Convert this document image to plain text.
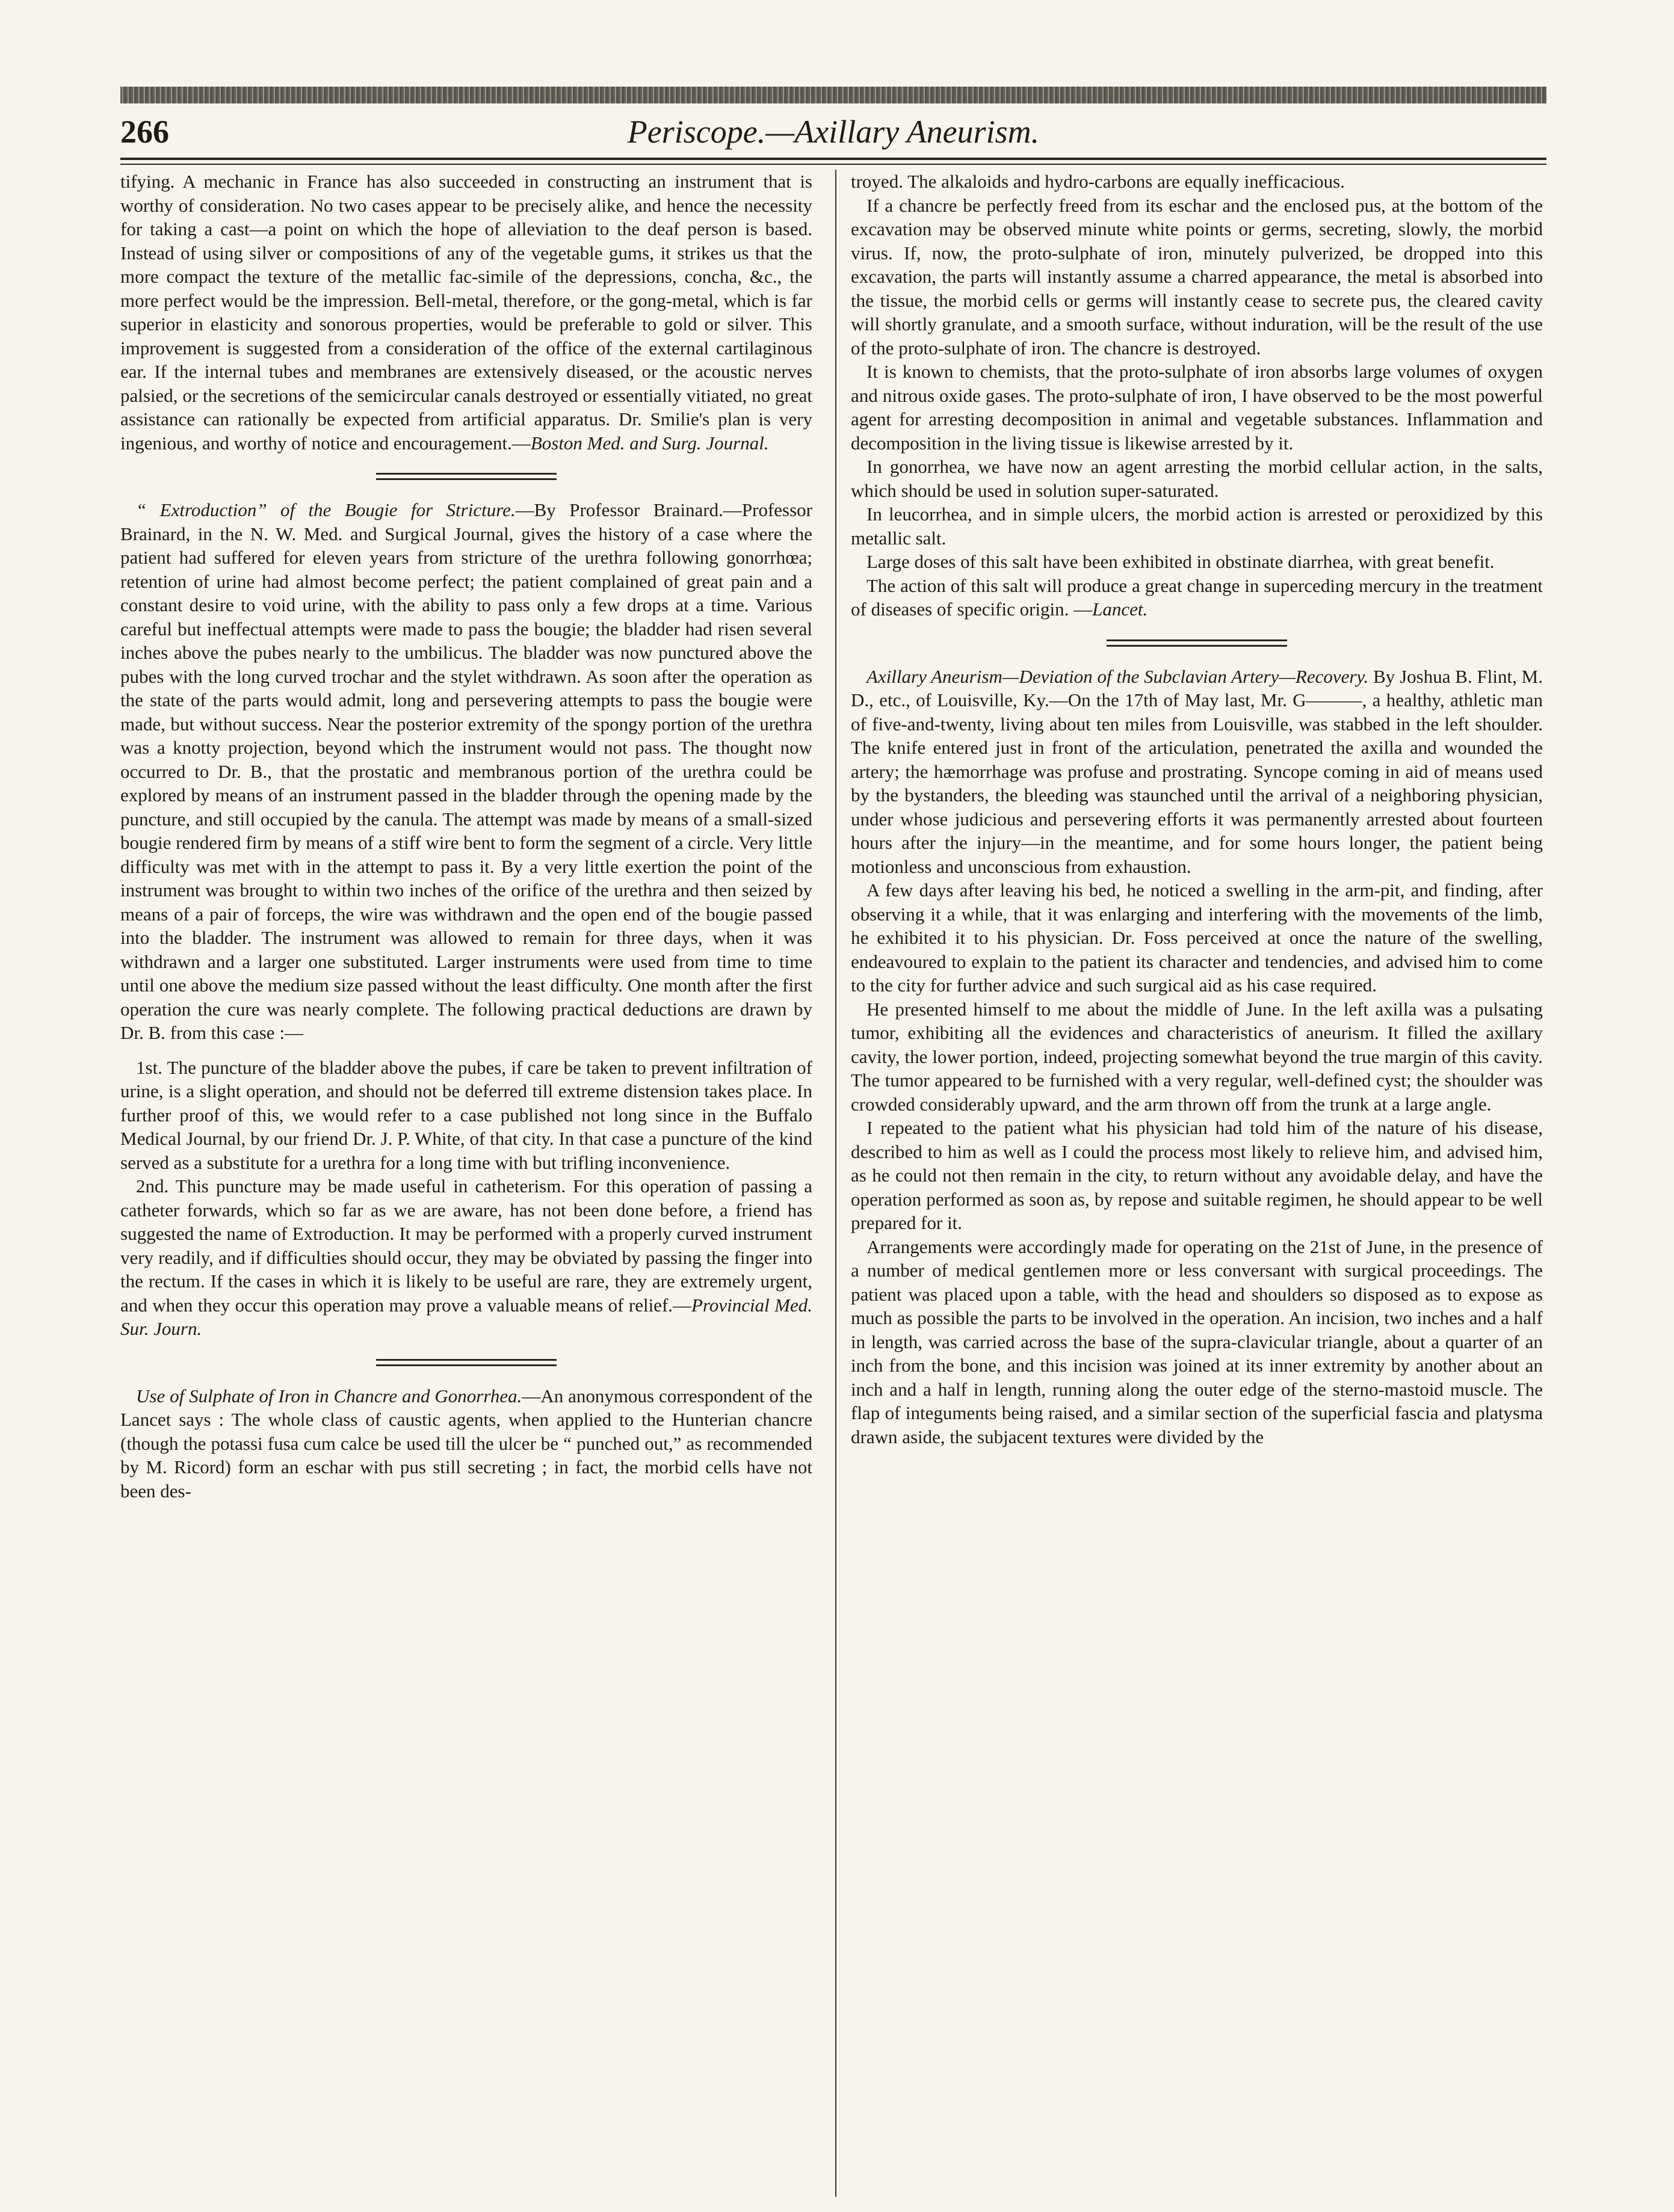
266	Periscope.—Axillary Aneurism.

tifying. A mechanic in France has also succeeded in constructing an instrument that is worthy of consideration. No two cases appear to be precisely alike, and hence the necessity for taking a cast—a point on which the hope of alleviation to the deaf person is based. Instead of using silver or compositions of any of the vegetable gums, it strikes us that the more compact the texture of the metallic fac-simile of the depressions, concha, &c., the more perfect would be the impression. Bell-metal, therefore, or the gong-metal, which is far superior in elasticity and sonorous properties, would be preferable to gold or silver. This improvement is suggested from a consideration of the office of the external cartilaginous ear. If the internal tubes and membranes are extensively diseased, or the acoustic nerves palsied, or the secretions of the semicircular canals destroyed or essentially vitiated, no great assistance can rationally be expected from artificial apparatus. Dr. Smilie's plan is very ingenious, and worthy of notice and encouragement.—Boston Med. and Surg. Journal.

“ Extroduction” of the Bougie for Stricture.—By Professor Brainard.—Professor Brainard, in the N. W. Med. and Surgical Journal, gives the history of a case where the patient had suffered for eleven years from stricture of the urethra following gonorrhœa; retention of urine had almost become perfect; the patient complained of great pain and a constant desire to void urine, with the ability to pass only a few drops at a time. Various careful but ineffectual attempts were made to pass the bougie; the bladder had risen several inches above the pubes nearly to the umbilicus. The bladder was now punctured above the pubes with the long curved trochar and the stylet withdrawn. As soon after the operation as the state of the parts would admit, long and persevering attempts to pass the bougie were made, but without success. Near the posterior extremity of the spongy portion of the urethra was a knotty projection, beyond which the instrument would not pass. The thought now occurred to Dr. B., that the prostatic and membranous portion of the urethra could be explored by means of an instrument passed in the bladder through the opening made by the puncture, and still occupied by the canula. The attempt was made by means of a small-sized bougie rendered firm by means of a stiff wire bent to form the segment of a circle. Very little difficulty was met with in the attempt to pass it. By a very little exertion the point of the instrument was brought to within two inches of the orifice of the urethra and then seized by means of a pair of forceps, the wire was withdrawn and the open end of the bougie passed into the bladder. The instrument was allowed to remain for three days, when it was withdrawn and a larger one substituted. Larger instruments were used from time to time until one above the medium size passed without the least difficulty. One month after the first operation the cure was nearly complete. The following practical deductions are drawn by Dr. B. from this case :—

1st. The puncture of the bladder above the pubes, if care be taken to prevent infiltration of urine, is a slight operation, and should not be deferred till extreme distension takes place. In further proof of this, we would refer to a case published not long since in the Buffalo Medical Journal, by our friend Dr. J. P. White, of that city. In that case a puncture of the kind served as a substitute for a urethra for a long time with but trifling inconvenience.

2nd. This puncture may be made useful in catheterism. For this operation of passing a catheter forwards, which so far as we are aware, has not been done before, a friend has suggested the name of Extroduction. It may be performed with a properly curved instrument very readily, and if difficulties should occur, they may be obviated by passing the finger into the rectum. If the cases in which it is likely to be useful are rare, they are extremely urgent, and when they occur this operation may prove a valuable means of relief.—Provincial Med. Sur. Journ.

Use of Sulphate of Iron in Chancre and Gonorrhea.—An anonymous correspondent of the Lancet says : The whole class of caustic agents, when applied to the Hunterian chancre (though the potassi fusa cum calce be used till the ulcer be “ punched out,” as recommended by M. Ricord) form an eschar with pus still secreting ; in fact, the morbid cells have not been des-

troyed. The alkaloids and hydro-carbons are equally inefficacious.

If a chancre be perfectly freed from its eschar and the enclosed pus, at the bottom of the excavation may be observed minute white points or germs, secreting, slowly, the morbid virus. If, now, the proto-sulphate of iron, minutely pulverized, be dropped into this excavation, the parts will instantly assume a charred appearance, the metal is absorbed into the tissue, the morbid cells or germs will instantly cease to secrete pus, the cleared cavity will shortly granulate, and a smooth surface, without induration, will be the result of the use of the proto-sulphate of iron. The chancre is destroyed.

It is known to chemists, that the proto-sulphate of iron absorbs large volumes of oxygen and nitrous oxide gases. The proto-sulphate of iron, I have observed to be the most powerful agent for arresting decomposition in animal and vegetable substances. Inflammation and decomposition in the living tissue is likewise arrested by it.

In gonorrhea, we have now an agent arresting the morbid cellular action, in the salts, which should be used in solution super-saturated.

In leucorrhea, and in simple ulcers, the morbid action is arrested or peroxidized by this metallic salt.

Large doses of this salt have been exhibited in obstinate diarrhea, with great benefit.

The action of this salt will produce a great change in superceding mercury in the treatment of diseases of specific origin. —Lancet.

Axillary Aneurism—Deviation of the Subclavian Artery—Recovery. By Joshua B. Flint, M. D., etc., of Louisville, Ky.—On the 17th of May last, Mr. G———, a healthy, athletic man of five-and-twenty, living about ten miles from Louisville, was stabbed in the left shoulder. The knife entered just in front of the articulation, penetrated the axilla and wounded the artery; the hæmorrhage was profuse and prostrating. Syncope coming in aid of means used by the bystanders, the bleeding was staunched until the arrival of a neighboring physician, under whose judicious and persevering efforts it was permanently arrested about fourteen hours after the injury—in the meantime, and for some hours longer, the patient being motionless and unconscious from exhaustion.

A few days after leaving his bed, he noticed a swelling in the arm-pit, and finding, after observing it a while, that it was enlarging and interfering with the movements of the limb, he exhibited it to his physician. Dr. Foss perceived at once the nature of the swelling, endeavoured to explain to the patient its character and tendencies, and advised him to come to the city for further advice and such surgical aid as his case required.

He presented himself to me about the middle of June. In the left axilla was a pulsating tumor, exhibiting all the evidences and characteristics of aneurism. It filled the axillary cavity, the lower portion, indeed, projecting somewhat beyond the true margin of this cavity. The tumor appeared to be furnished with a very regular, well-defined cyst; the shoulder was crowded considerably upward, and the arm thrown off from the trunk at a large angle.

I repeated to the patient what his physician had told him of the nature of his disease, described to him as well as I could the process most likely to relieve him, and advised him, as he could not then remain in the city, to return without any avoidable delay, and have the operation performed as soon as, by repose and suitable regimen, he should appear to be well prepared for it.

Arrangements were accordingly made for operating on the 21st of June, in the presence of a number of medical gentlemen more or less conversant with surgical proceedings. The patient was placed upon a table, with the head and shoulders so disposed as to expose as much as possible the parts to be involved in the operation. An incision, two inches and a half in length, was carried across the base of the supra-clavicular triangle, about a quarter of an inch from the bone, and this incision was joined at its inner extremity by another about an inch and a half in length, running along the outer edge of the sterno-mastoid muscle. The flap of integuments being raised, and a similar section of the superficial fascia and platysma drawn aside, the subjacent textures were divided by the
